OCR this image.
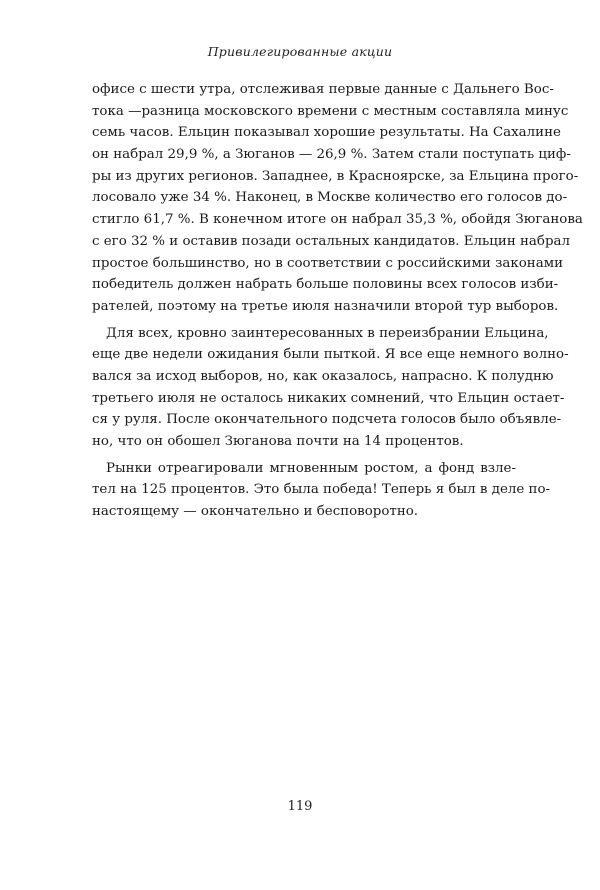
Привилегированные акции
офисе с шести утра, отслеживая первые данные с Дальнего Вос-
тока —разница московского времени с местным составляла минус
семь часов. Ельцин показывал хорошие результаты. На Сахалине
он набрал 29,9 %, а Зюганов — 26,9 %. Затем стали поступать циф-
ры из других регионов. Западнее, в Красноярске, за Ельцина прого-
лосовало уже 34 %. Наконец, в Москве количество его голосов до-
стигло 61,7 %. В конечном итоге он набрал 35,3 %, обойдя Зюганова
с его 32 % и оставив позади остальных кандидатов. Ельцин набрал
простое большинство, но в соответствии с российскими законами
победитель должен набрать больше половины всех голосов изби-
рателей, поэтому на третье июля назначили второй тур выборов.
Для всех, кровно заинтересованных в переизбрании Ельцина,
еще две недели ожидания были пыткой. Я все еще немного волно-
вался за исход выборов, но, как оказалось, напрасно. К полудню
третьего июля не осталось никаких сомнений, что Ельцин остает-
ся у руля. После окончательного подсчета голосов было объявле-
но, что он обошел Зюганова почти на 14 процентов.
Рынки отреагировали мгновенным ростом, а фонд взле-
тел на 125 процентов. Это была победа! Теперь я был в деле по-
настоящему — окончательно и бесповоротно.
119
